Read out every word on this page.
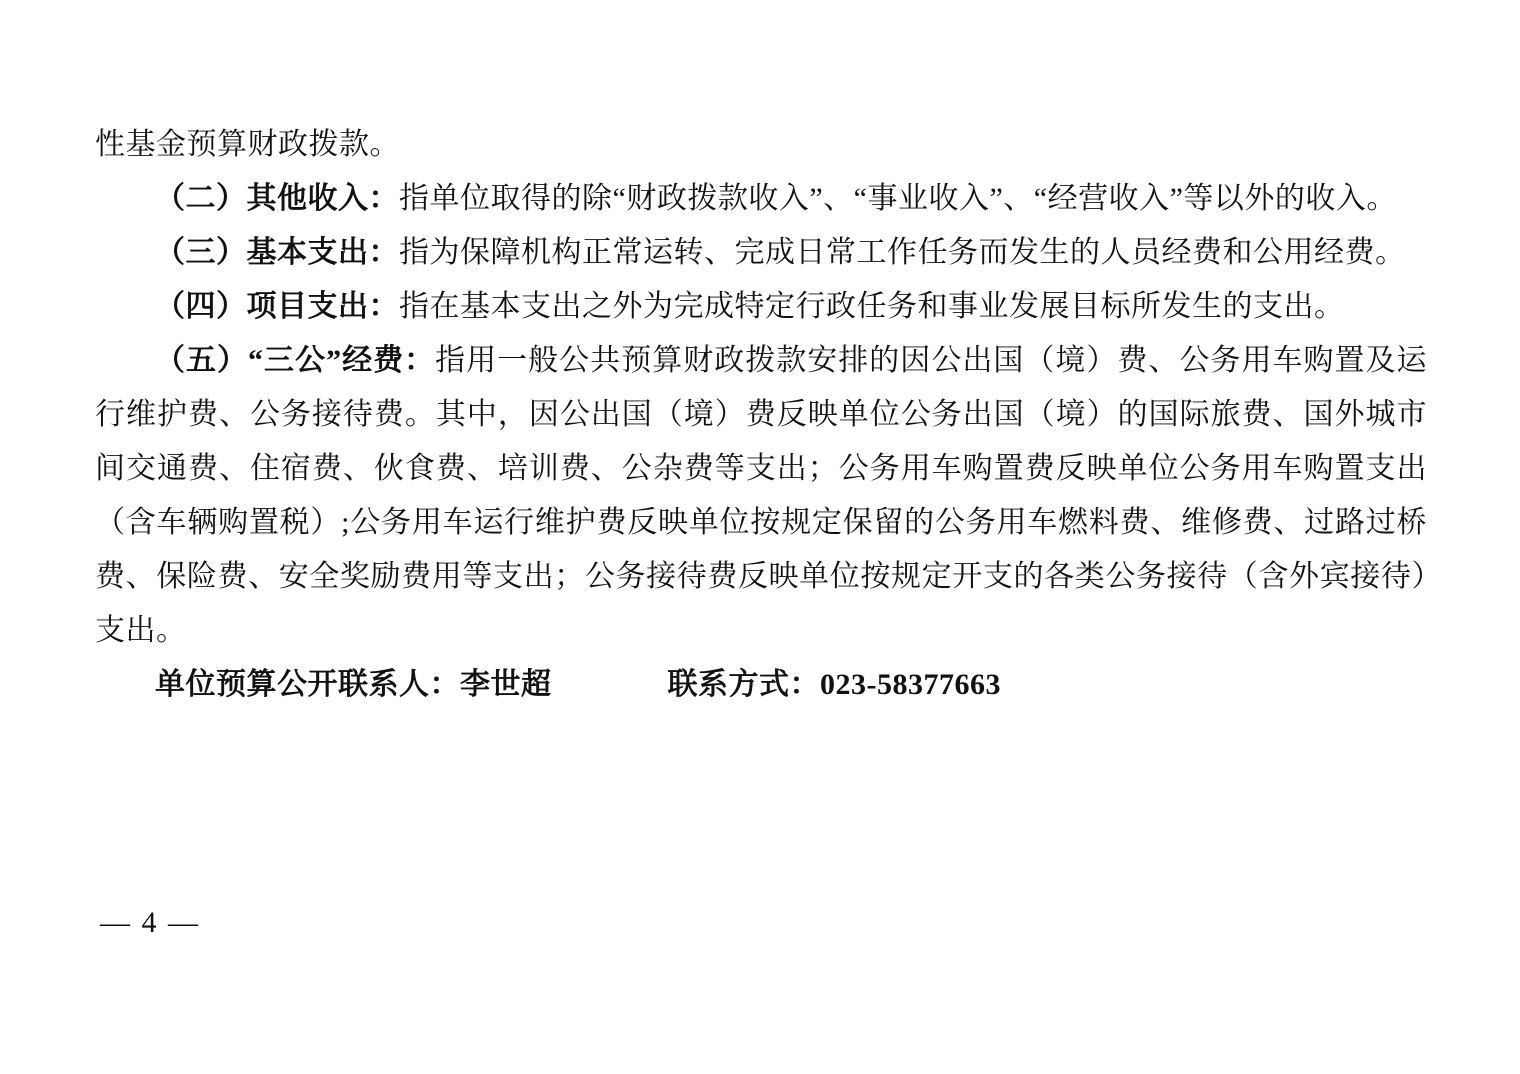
性基金预算财政拨款。

（二）其他收入：指单位取得的除“财政拨款收入”、“事业收入”、“经营收入”等以外的收入。

（三）基本支出：指为保障机构正常运转、完成日常工作任务而发生的人员经费和公用经费。

（四）项目支出：指在基本支出之外为完成特定行政任务和事业发展目标所发生的支出。

（五）“三公”经费：指用一般公共预算财政拨款安排的因公出国（境）费、公务用车购置及运行维护费、公务接待费。其中，因公出国（境）费反映单位公务出国（境）的国际旅费、国外城市间交通费、住宿费、伙食费、培训费、公杂费等支出；公务用车购置费反映单位公务用车购置支出（含车辆购置税）;公务用车运行维护费反映单位按规定保留的公务用车燃料费、维修费、过路过桥费、保险费、安全奖励费用等支出；公务接待费反映单位按规定开支的各类公务接待（含外宾接待）支出。

单位预算公开联系人：李世超	联系方式：023-58377663

— 4 —
